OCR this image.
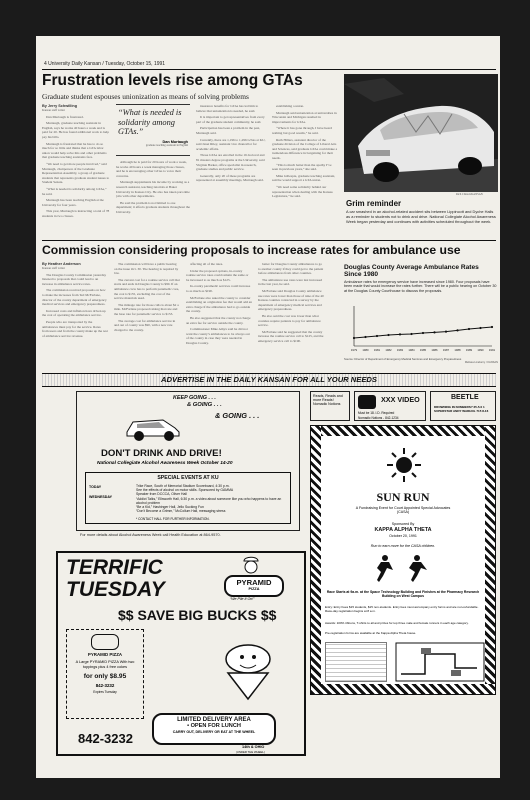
4 University Daily Kansan / Tuesday, October 15, 1991
Frustration levels rise among GTAs
Graduate student espouses unionization as means of solving problems
By Jerry Schwilling
Kansan staff writer

Dan Murtaugh is frustrated.

Murtaugh, graduate teaching assistant in English, says he works 40 hours a week and is paid for 20. He has found additional work to help pay his bills.

Murtaugh is frustrated that he has to do so much for so little and thinks that a GTA labor union would help solve this and other problems that graduate teaching assistants face.

“We need to get more people involved,” said Murtaugh, chairperson of the Graduate Representation Assembly, a group of graduate students that represents graduate student issues to Student Senate.

“What is needed is solidarity among GTAs,” he said.

Murtaugh has been teaching English at the University for four years.

This year, Murtaugh is instructing a total of 78 students in two classes.

“What is needed is solidarity among GTAs.”
Dan Murtaugh
graduate teaching assistant in English

Although he is paid for 20 hours of work a week, he works 40 hours a week managing those classes, and he is encouraging other GTAs to voice their concerns.

Murtaugh supplements his income by working as a research assistant, teaching tutorials at Baker University in Kansas City. He also has taken part-time jobs with other departments.

He said the problem is not limited to one department; it affects graduate students throughout the University.

insurance benefits for GTAs has led him to believe that unionization is needed, he said.

It is important to get representatives from every part of the graduate student community, he said.

Participation has been a problem in the past, Murtaugh said.

Currently, there are 1,196 to 1,296 GTAs at KU, said Janet Riley, assistant vice chancellor for academic affairs.

Those GTAs are enrolled in the 16 doctoral and 81 masters degree programs at the University, said Virginia Barker, office specialist in research, graduate studies and public service.

Generally, only 20 of these programs are represented at assembly meetings, Murtaugh said.

establishing a union.

Murtaugh said unionization at universities in Wisconsin and Michigan resulted in improvements for GTAs.

“Where it has gone through, I have heard nothing but good results,” he said.

Ruth Hillers, assistant director of the graduate division of the College of Liberal Arts and Sciences, said graduate GTAs could make a tremendous difference in bargaining for their needs.

“This is much better than the apathy I’ve seen in previous years,” she said.

Mike Gillespie, graduate teaching assistant, said he would support a GTA union.

“We need some solidarity behind our representation when dealing with the Kansas Legislature,” he said.	Rich Clinton/KANSAN
Grim reminder
A car smashed in an alcohol-related accident sits between Lippincott and Dyche Halls as a reminder to students not to drink and drive. National Collegiate Alcohol Awareness Week began yesterday and continues with activities scheduled throughout the week.
Commission considering proposals to increase rates for ambulance use
By Heather Anderson
Kansan staff writer

The Douglas County Commission yesterday listened to proposals that could lead to an increase in ambulance service rates.

The commission received proposals on how to make the increases from Ted McFarlane, director of the county department of emergency medical services and emergency preparedness.

Increased costs and inflation have driven up the cost of operating the ambulance service.

People who are transported by the ambulances must pay for the service. Rates from users and from the county make up the rest of ambulance service revenue.

The commission will have a public hearing on the issue Oct. 30. The hearing is required by law.

The current cost for a routine service call that starts and ends in Douglas County is $90. If an ambulance crew has to perform paramedic care, the cost is $135, excluding the cost of the service materials used.

The mileage rate for those calls is about $2 a mile. McFarlane proposed raising that rate and the base rate for paramedic service to $153.

The average cost for ambulance service in and out of county was $90, with a new rate charged to the county.

affecting all of the rates.

Under the proposed options, in-county routine service rates could remain the same or be increased to as much as $125.

In-county paramedic services could increase to as much as $190.

McFarlane also asked the county to consider establishing an origination fee that would add an extra charge if the ambulance had to go outside the county.

He also suggested that the county not charge an extra fee for service outside the county.

Commissioner Mike Amyx said he did not want the county’s ambulances to be always out of the county in case they were needed in Douglas County.

better for Douglas County ambulances to go to another county if they could get to the patient before ambulances from other counties.

The ambulance use rates were last increased in the last year, he said.

McFarlane said Douglas County ambulance use rates were lower than those of nine of the 40 Kansas counties contacted in a survey by the department of emergency medical services and emergency preparedness.

He also said the cost was lower than what counties require patients to pay for ambulance service.

McFarlane said he suggested that the county increase the routine service call to $125, and the emergency service call to $190.

Douglas County Average Ambulance Rates Since 1980
Ambulance rates for emergency service have increased since 1980. Four proposals have been made that would increase the rates further. There will be a public hearing on October 30 at the Douglas County Courthouse to discuss the proposals.
1979 1980 1981 1982 1983 1984 1985 1986 1987 1988 1989 1990 1991
Source: Director of Department of Emergency Medical Services and Emergency Preparedness
Melissa Lineberry / KANSAN
ADVERTISE IN THE DAILY KANSAN FOR ALL YOUR NEEDS
KEEP GOING . . .
& GOING . . .
& GOING . . .
DON'T DRINK AND DRIVE!
National Collegiate Alcohol Awareness Week October 14-20
SPECIAL EVENTS AT KU
TODAY
WEDNESDAY
Trike Race, South of Memorial Stadium Scoreboard, 4:30 p.m.
See the effects of alcohol on motor skills. Sponsored by GAMMA
Speaker from DCCCA, Oliver Hall
“Addict Talks,” Ellsworth Hall, 6:30 p.m. a video about someone like you who happens to have an alcohol problem
“Be a Kid,” Hashinger Hall, Jello Sucking Fun
“Don't Become a Grimm,” McCollum Hall, messaging stress
* CONTACT HALL FOR FURTHER INFORMATION.
For more details about Alcohol Awareness Week call Health Education at 864-9570.
TERRIFIC
TUESDAY	PYRAMID
PIZZA
“We Pile It On!”
$$ SAVE BIG BUCKS $$
PYRAMID PIZZA
A Large PYRAMID PIZZA With two toppings plus 4 free cokes
for only $8.95
842-3232
Expires Tuesday
LIMITED DELIVERY AREA
• OPEN FOR LUNCH
CARRY OUT, DELIVERY OR EAT AT THE WHEEL
842-3232
14th & OHIO
(UNDER THE WHEEL)
Reads, Reads and more Reads! Nomadic Notions
XXX VIDEO
Must be 18. I.D. Required
Nomadic Notions - 842-1234
BEETLE
DROWNING IN NUMBERS? 25-5-0 1 SUPERSTAR ANDY WARHOL 715 8-16
SUN RUN
A Fundraising Event for Court Appointed Special Advocates (CASA)
Sponsored By
KAPPA ALPHA THETA
October 20, 1991
Run to earn more for the CASA children.
Race Starts at 9a.m. at the Space Technology Building and Finishes at the Pharmacy Research Building on West Campus
Entry: Entry Fees $15 students, $15 non-students. Entry fees must accompany entry forms and are non-refundable. Race-day registration begins at 8 a.m.
Awards: 100% ribbons, T-shirts to all and prizes for top three male and female runners in each age category.
Pre-registration forms are available at the Kappa Alpha Theta house.
